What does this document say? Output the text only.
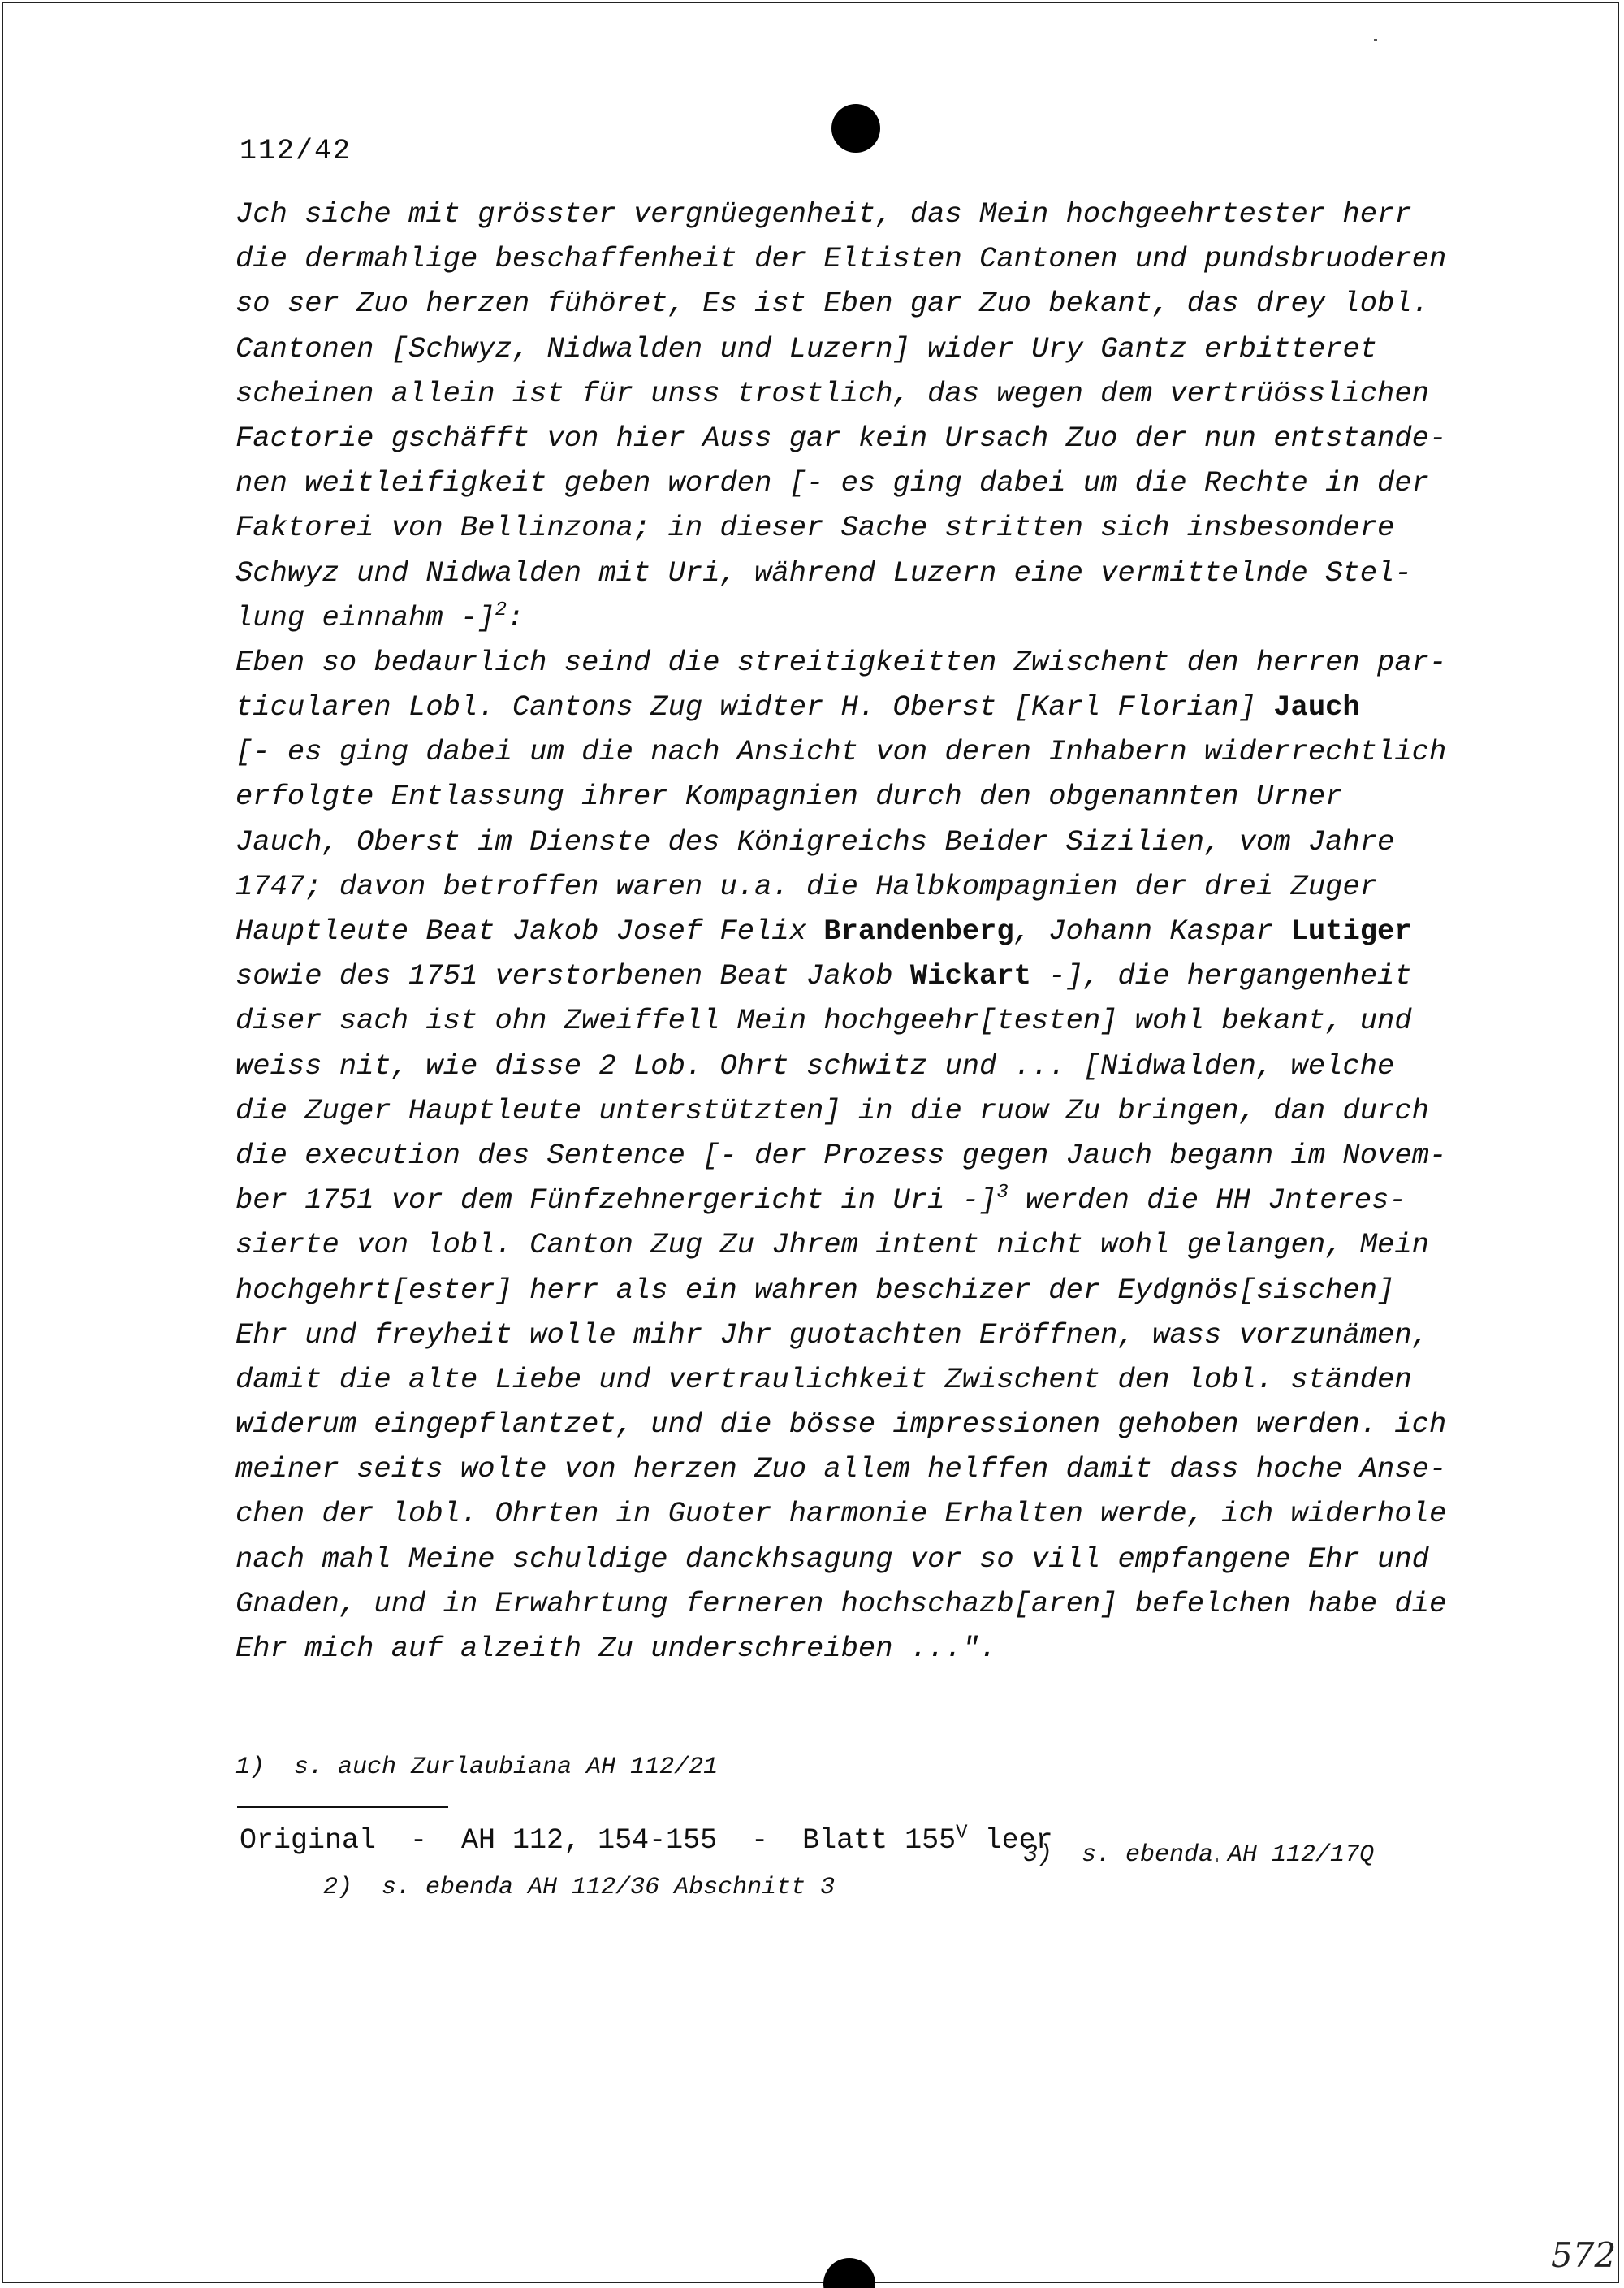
112/42
Jch siche mit grösster vergnüegenheit, das Mein hochgeehrtester herr
die dermahlige beschaffenheit der Eltisten Cantonen und pundsbruoderen
so ser Zuo herzen fühöret, Es ist Eben gar Zuo bekant, das drey lobl.
Cantonen [Schwyz, Nidwalden und Luzern] wider Ury Gantz erbitteret
scheinen allein ist für unss trostlich, das wegen dem vertrüösslichen
Factorie gschäfft von hier Auss gar kein Ursach Zuo der nun entstande-
nen weitleifigkeit geben worden [- es ging dabei um die Rechte in der
Faktorei von Bellinzona; in dieser Sache stritten sich insbesondere
Schwyz und Nidwalden mit Uri, während Luzern eine vermittelnde Stel-
lung einnahm -]$^2$:
Eben so bedaurlich seind die streitigkeitten Zwischent den herren par-
ticularen Lobl. Cantons Zug widter H. Oberst [Karl Florian] Jauch
[- es ging dabei um die nach Ansicht von deren Inhabern widerrechtlich
erfolgte Entlassung ihrer Kompagnien durch den obgenannten Urner
Jauch, Oberst im Dienste des Königreichs Beider Sizilien, vom Jahre
1747; davon betroffen waren u.a. die Halbkompagnien der drei Zuger
Hauptleute Beat Jakob Josef Felix Brandenberg, Johann Kaspar Lutiger
sowie des 1751 verstorbenen Beat Jakob Wickart -], die hergangenheit
diser sach ist ohn Zweiffell Mein hochgeehr[testen] wohl bekant, und
weiss nit, wie disse 2 Lob. Ohrt schwitz und ... [Nidwalden, welche
die Zuger Hauptleute unterstützten] in die ruow Zu bringen, dan durch
die execution des Sentence [- der Prozess gegen Jauch begann im Novem-
ber 1751 vor dem Fünfzehnergericht in Uri -]$^3$ werden die HH Jnteres-
sierte von lobl. Canton Zug Zu Jhrem intent nicht wohl gelangen, Mein
hochgehrt[ester] herr als ein wahren beschizer der Eydgnös[sischen]
Ehr und freyheit wolle mihr Jhr guotachten Eröffnen, wass vorzunämen,
damit die alte Liebe und vertraulichkeit Zwischent den lobl. ständen
widerum eingepflantzet, und die bösse impressionen gehoben werden. ich
meiner seits wolte von herzen Zuo allem helffen damit dass hoche Anse-
chen der lobl. Ohrten in Guoter harmonie Erhalten werde, ich widerhole
nach mahl Meine schuldige danckhsagung vor so vill empfangene Ehr und
Gnaden, und in Erwahrtung ferneren hochschazb[aren] befelchen habe die
Ehr mich auf alzeith Zu underschreiben ...".

1)  s. auch Zurlaubiana AH 112/21

2)  s. ebenda AH 112/36 Abschnitt 3

3)  s. ebenda AH 112/17Q

Original  -  AH 112, 154-155  -  Blatt $155^V$ leer
572
